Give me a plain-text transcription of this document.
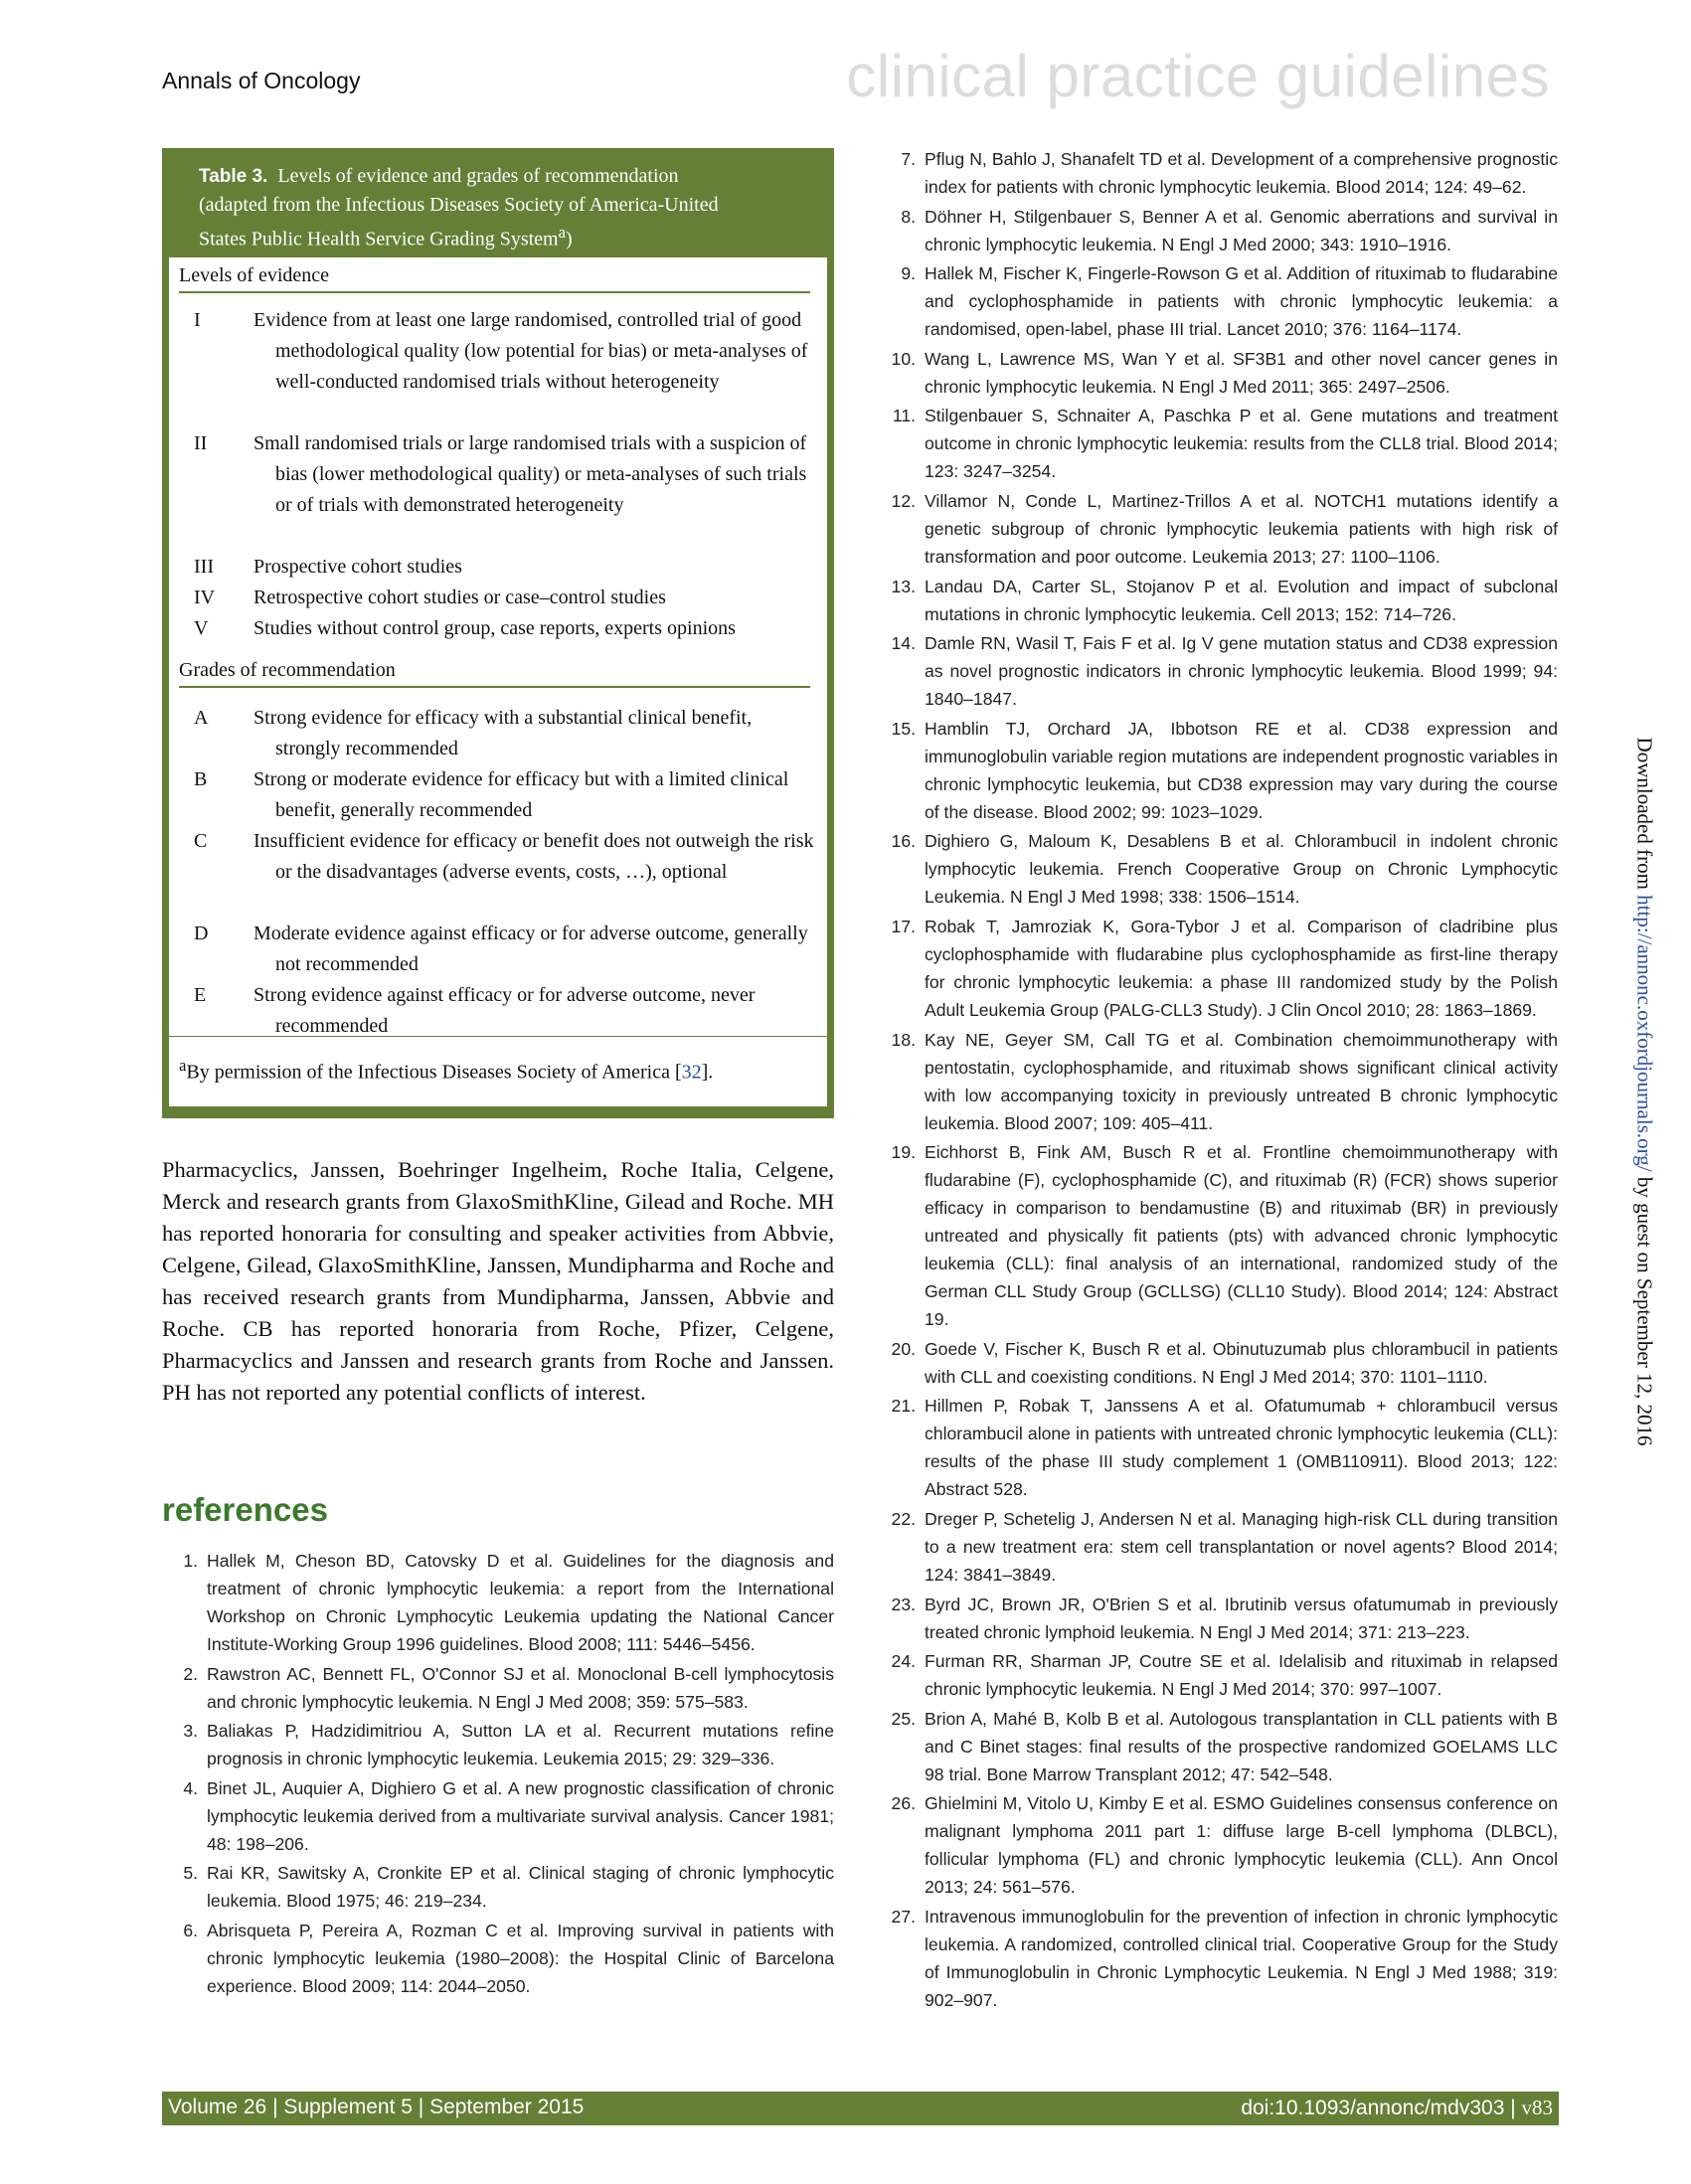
Annals of Oncology	clinical practice guidelines
Table 3. Levels of evidence and grades of recommendation
(adapted from the Infectious Diseases Society of America-United
States Public Health Service Grading System$^a$)
Levels of evidence
I	Evidence from at least one large randomised, controlled trial of good methodological quality (low potential for bias) or meta-analyses of well-conducted randomised trials without heterogeneity
II	Small randomised trials or large randomised trials with a suspicion of bias (lower methodological quality) or meta-analyses of such trials or of trials with demonstrated heterogeneity
III	Prospective cohort studies
IV	Retrospective cohort studies or case–control studies
V	Studies without control group, case reports, experts opinions
Grades of recommendation
A	Strong evidence for efficacy with a substantial clinical benefit, strongly recommended
B	Strong or moderate evidence for efficacy but with a limited clinical benefit, generally recommended
C	Insufficient evidence for efficacy or benefit does not outweigh the risk or the disadvantages (adverse events, costs, …), optional
D	Moderate evidence against efficacy or for adverse outcome, generally not recommended
E	Strong evidence against efficacy or for adverse outcome, never recommended
$^a$By permission of the Infectious Diseases Society of America [32].
Pharmacyclics, Janssen, Boehringer Ingelheim, Roche Italia, Celgene, Merck and research grants from GlaxoSmithKline, Gilead and Roche. MH has reported honoraria for consulting and speaker activities from Abbvie, Celgene, Gilead, GlaxoSmithKline, Janssen, Mundipharma and Roche and has received research grants from Mundipharma, Janssen, Abbvie and Roche. CB has reported honoraria from Roche, Pfizer, Celgene, Pharmacyclics and Janssen and research grants from Roche and Janssen. PH has not reported any potential conflicts of interest.
references
1. Hallek M, Cheson BD, Catovsky D et al. Guidelines for the diagnosis and treatment of chronic lymphocytic leukemia: a report from the International Workshop on Chronic Lymphocytic Leukemia updating the National Cancer Institute-Working Group 1996 guidelines. Blood 2008; 111: 5446–5456.
2. Rawstron AC, Bennett FL, O'Connor SJ et al. Monoclonal B-cell lymphocytosis and chronic lymphocytic leukemia. N Engl J Med 2008; 359: 575–583.
3. Baliakas P, Hadzidimitriou A, Sutton LA et al. Recurrent mutations refine prognosis in chronic lymphocytic leukemia. Leukemia 2015; 29: 329–336.
4. Binet JL, Auquier A, Dighiero G et al. A new prognostic classification of chronic lymphocytic leukemia derived from a multivariate survival analysis. Cancer 1981; 48: 198–206.
5. Rai KR, Sawitsky A, Cronkite EP et al. Clinical staging of chronic lymphocytic leukemia. Blood 1975; 46: 219–234.
6. Abrisqueta P, Pereira A, Rozman C et al. Improving survival in patients with chronic lymphocytic leukemia (1980–2008): the Hospital Clinic of Barcelona experience. Blood 2009; 114: 2044–2050.
7. Pflug N, Bahlo J, Shanafelt TD et al. Development of a comprehensive prognostic index for patients with chronic lymphocytic leukemia. Blood 2014; 124: 49–62.
8. Döhner H, Stilgenbauer S, Benner A et al. Genomic aberrations and survival in chronic lymphocytic leukemia. N Engl J Med 2000; 343: 1910–1916.
9. Hallek M, Fischer K, Fingerle-Rowson G et al. Addition of rituximab to fludarabine and cyclophosphamide in patients with chronic lymphocytic leukemia: a randomised, open-label, phase III trial. Lancet 2010; 376: 1164–1174.
10. Wang L, Lawrence MS, Wan Y et al. SF3B1 and other novel cancer genes in chronic lymphocytic leukemia. N Engl J Med 2011; 365: 2497–2506.
11. Stilgenbauer S, Schnaiter A, Paschka P et al. Gene mutations and treatment outcome in chronic lymphocytic leukemia: results from the CLL8 trial. Blood 2014; 123: 3247–3254.
12. Villamor N, Conde L, Martinez-Trillos A et al. NOTCH1 mutations identify a genetic subgroup of chronic lymphocytic leukemia patients with high risk of transformation and poor outcome. Leukemia 2013; 27: 1100–1106.
13. Landau DA, Carter SL, Stojanov P et al. Evolution and impact of subclonal mutations in chronic lymphocytic leukemia. Cell 2013; 152: 714–726.
14. Damle RN, Wasil T, Fais F et al. Ig V gene mutation status and CD38 expression as novel prognostic indicators in chronic lymphocytic leukemia. Blood 1999; 94: 1840–1847.
15. Hamblin TJ, Orchard JA, Ibbotson RE et al. CD38 expression and immunoglobulin variable region mutations are independent prognostic variables in chronic lymphocytic leukemia, but CD38 expression may vary during the course of the disease. Blood 2002; 99: 1023–1029.
16. Dighiero G, Maloum K, Desablens B et al. Chlorambucil in indolent chronic lymphocytic leukemia. French Cooperative Group on Chronic Lymphocytic Leukemia. N Engl J Med 1998; 338: 1506–1514.
17. Robak T, Jamroziak K, Gora-Tybor J et al. Comparison of cladribine plus cyclophosphamide with fludarabine plus cyclophosphamide as first-line therapy for chronic lymphocytic leukemia: a phase III randomized study by the Polish Adult Leukemia Group (PALG-CLL3 Study). J Clin Oncol 2010; 28: 1863–1869.
18. Kay NE, Geyer SM, Call TG et al. Combination chemoimmunotherapy with pentostatin, cyclophosphamide, and rituximab shows significant clinical activity with low accompanying toxicity in previously untreated B chronic lymphocytic leukemia. Blood 2007; 109: 405–411.
19. Eichhorst B, Fink AM, Busch R et al. Frontline chemoimmunotherapy with fludarabine (F), cyclophosphamide (C), and rituximab (R) (FCR) shows superior efficacy in comparison to bendamustine (B) and rituximab (BR) in previously untreated and physically fit patients (pts) with advanced chronic lymphocytic leukemia (CLL): final analysis of an international, randomized study of the German CLL Study Group (GCLLSG) (CLL10 Study). Blood 2014; 124: Abstract 19.
20. Goede V, Fischer K, Busch R et al. Obinutuzumab plus chlorambucil in patients with CLL and coexisting conditions. N Engl J Med 2014; 370: 1101–1110.
21. Hillmen P, Robak T, Janssens A et al. Ofatumumab + chlorambucil versus chlorambucil alone in patients with untreated chronic lymphocytic leukemia (CLL): results of the phase III study complement 1 (OMB110911). Blood 2013; 122: Abstract 528.
22. Dreger P, Schetelig J, Andersen N et al. Managing high-risk CLL during transition to a new treatment era: stem cell transplantation or novel agents? Blood 2014; 124: 3841–3849.
23. Byrd JC, Brown JR, O'Brien S et al. Ibrutinib versus ofatumumab in previously treated chronic lymphoid leukemia. N Engl J Med 2014; 371: 213–223.
24. Furman RR, Sharman JP, Coutre SE et al. Idelalisib and rituximab in relapsed chronic lymphocytic leukemia. N Engl J Med 2014; 370: 997–1007.
25. Brion A, Mahé B, Kolb B et al. Autologous transplantation in CLL patients with B and C Binet stages: final results of the prospective randomized GOELAMS LLC 98 trial. Bone Marrow Transplant 2012; 47: 542–548.
26. Ghielmini M, Vitolo U, Kimby E et al. ESMO Guidelines consensus conference on malignant lymphoma 2011 part 1: diffuse large B-cell lymphoma (DLBCL), follicular lymphoma (FL) and chronic lymphocytic leukemia (CLL). Ann Oncol 2013; 24: 561–576.
27. Intravenous immunoglobulin for the prevention of infection in chronic lymphocytic leukemia. A randomized, controlled clinical trial. Cooperative Group for the Study of Immunoglobulin in Chronic Lymphocytic Leukemia. N Engl J Med 1988; 319: 902–907.
Downloaded from http://annonc.oxfordjournals.org/ by guest on September 12, 2016
Volume 26 | Supplement 5 | September 2015	doi:10.1093/annonc/mdv303 | v83
